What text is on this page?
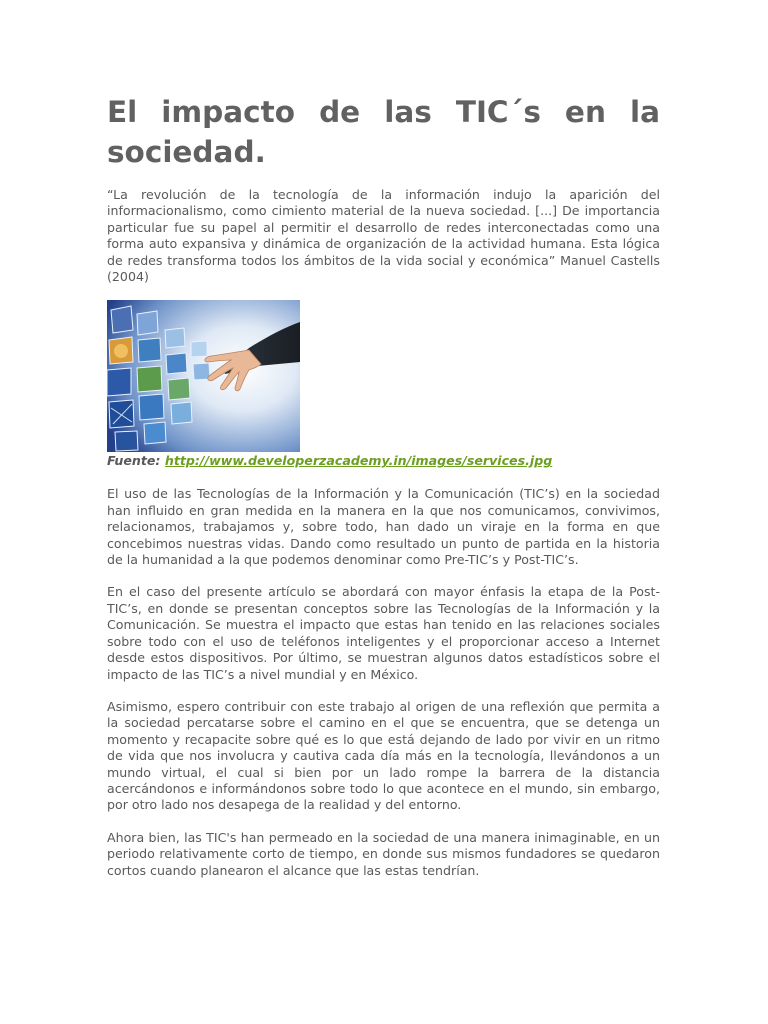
El impacto de las TIC´s en la
sociedad.

“La revolución de la tecnología de la información indujo la aparición del informacionalismo, como cimiento material de la nueva sociedad. [...] De importancia particular fue su papel al permitir el desarrollo de redes interconectadas como una forma auto expansiva y dinámica de organización de la actividad humana. Esta lógica de redes transforma todos los ámbitos de la vida social y económica” Manuel Castells (2004)

Fuente: http://www.developerzacademy.in/images/services.jpg

El uso de las Tecnologías de la Información y la Comunicación (TIC’s) en la sociedad han influido en gran medida en la manera en la que nos comunicamos, convivimos, relacionamos, trabajamos y, sobre todo, han dado un viraje en la forma en que concebimos nuestras vidas. Dando como resultado un punto de partida en la historia de la humanidad a la que podemos denominar como Pre-TIC’s y Post-TIC’s.

En el caso del presente artículo se abordará con mayor énfasis la etapa de la Post-TIC’s, en donde se presentan conceptos sobre las Tecnologías de la Información y la Comunicación. Se muestra el impacto que estas han tenido en las relaciones sociales sobre todo con el uso de teléfonos inteligentes y el proporcionar acceso a Internet desde estos dispositivos. Por último, se muestran algunos datos estadísticos sobre el impacto de las TIC’s a nivel mundial y en México.

Asimismo, espero contribuir con este trabajo al origen de una reflexión que permita a la sociedad percatarse sobre el camino en el que se encuentra, que se detenga un momento y recapacite sobre qué es lo que está dejando de lado por vivir en un ritmo de vida que nos involucra y cautiva cada día más en la tecnología, llevándonos a un mundo virtual, el cual si bien por un lado rompe la barrera de la distancia acercándonos e informándonos sobre todo lo que acontece en el mundo, sin embargo, por otro lado nos desapega de la realidad y del entorno.

Ahora bien, las TIC's han permeado en la sociedad de una manera inimaginable, en un periodo relativamente corto de tiempo, en donde sus mismos fundadores se quedaron cortos cuando planearon el alcance que las estas tendrían.
